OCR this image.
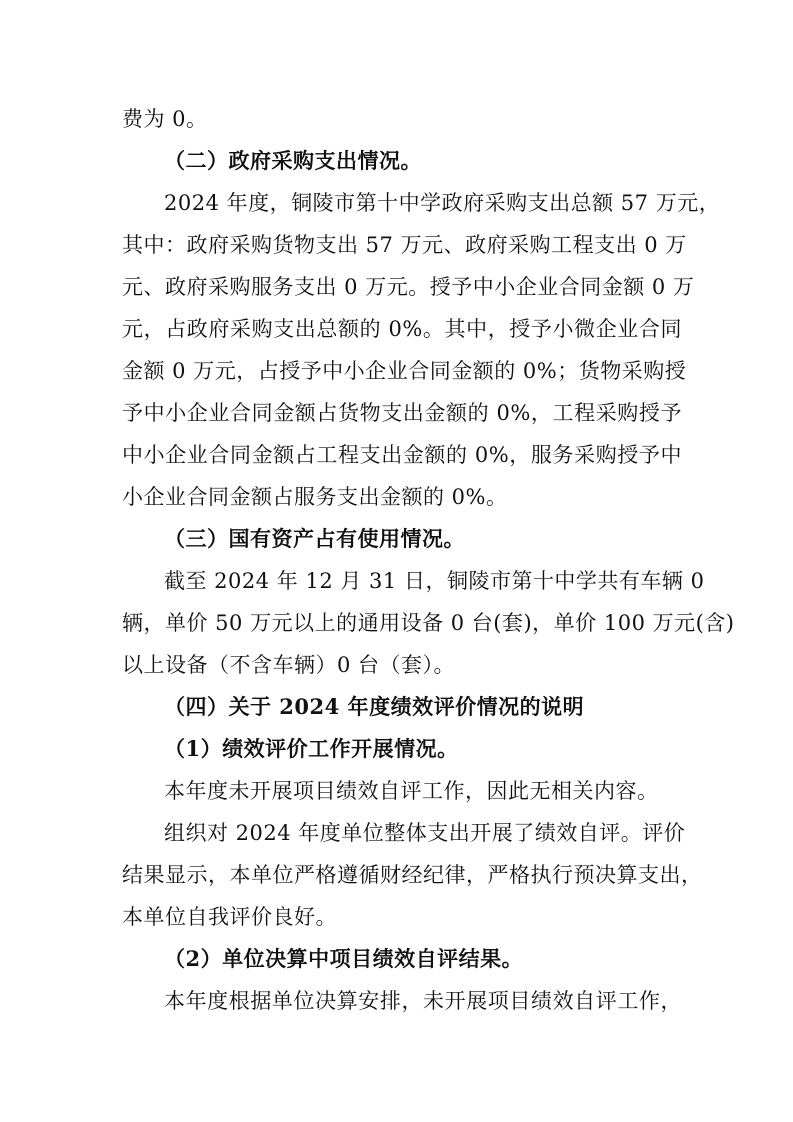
费为 0。
（二）政府采购支出情况。
2024 年度，铜陵市第十中学政府采购支出总额 57 万元，
其中：政府采购货物支出 57 万元、政府采购工程支出 0 万
元、政府采购服务支出 0 万元。授予中小企业合同金额 0 万
元，占政府采购支出总额的 0%。其中，授予小微企业合同
金额 0 万元，占授予中小企业合同金额的 0%；货物采购授
予中小企业合同金额占货物支出金额的 0%，工程采购授予
中小企业合同金额占工程支出金额的 0%，服务采购授予中
小企业合同金额占服务支出金额的 0%。
（三）国有资产占有使用情况。
截至 2024 年 12 月 31 日，铜陵市第十中学共有车辆 0
辆，单价 50 万元以上的通用设备 0 台(套)，单价 100 万元(含)
以上设备（不含车辆）0 台（套）。
（四）关于 2024 年度绩效评价情况的说明
（1）绩效评价工作开展情况。
本年度未开展项目绩效自评工作，因此无相关内容。
组织对 2024 年度单位整体支出开展了绩效自评。评价
结果显示，本单位严格遵循财经纪律，严格执行预决算支出，
本单位自我评价良好。
（2）单位决算中项目绩效自评结果。
本年度根据单位决算安排，未开展项目绩效自评工作，
